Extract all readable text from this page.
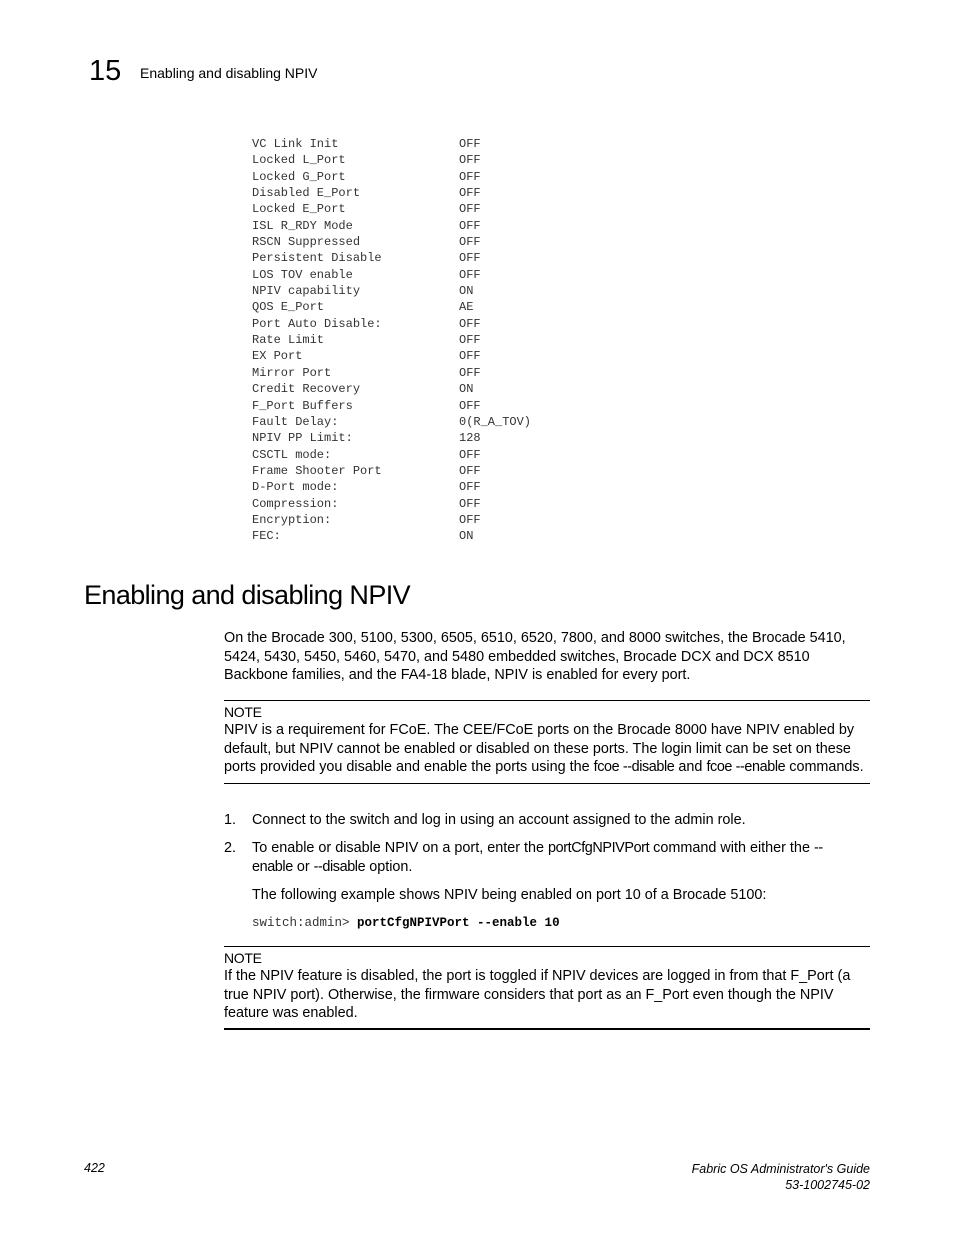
15 Enabling and disabling NPIV
VC Link Init	OFF
Locked L_Port	OFF
Locked G_Port	OFF
Disabled E_Port	OFF
Locked E_Port	OFF
ISL R_RDY Mode	OFF
RSCN Suppressed	OFF
Persistent Disable	OFF
LOS TOV enable	OFF
NPIV capability	ON
QOS E_Port	AE
Port Auto Disable:	OFF
Rate Limit	OFF
EX Port	OFF
Mirror Port	OFF
Credit Recovery	ON
F_Port Buffers	OFF
Fault Delay:	0(R_A_TOV)
NPIV PP Limit:	128
CSCTL mode:	OFF
Frame Shooter Port	OFF
D-Port mode:	OFF
Compression:	OFF
Encryption:	OFF
FEC:	ON
Enabling and disabling NPIV

On the Brocade 300, 5100, 5300, 6505, 6510, 6520, 7800, and 8000 switches, the Brocade 5410, 5424, 5430, 5450, 5460, 5470, and 5480 embedded switches, Brocade DCX and DCX 8510 Backbone families, and the FA4-18 blade, NPIV is enabled for every port.

NOTE

NPIV is a requirement for FCoE. The CEE/FCoE ports on the Brocade 8000 have NPIV enabled by default, but NPIV cannot be enabled or disabled on these ports. The login limit can be set on these ports provided you disable and enable the ports using the fcoe --disable and fcoe --enable commands.

1. Connect to the switch and log in using an account assigned to the admin role.
2. To enable or disable NPIV on a port, enter the portCfgNPIVPort command with either the --enable or --disable option.
The following example shows NPIV being enabled on port 10 of a Brocade 5100:
switch:admin> portCfgNPIVPort --enable 10
NOTE

If the NPIV feature is disabled, the port is toggled if NPIV devices are logged in from that F_Port (a true NPIV port). Otherwise, the firmware considers that port as an F_Port even though the NPIV feature was enabled.

422	Fabric OS Administrator's Guide
53-1002745-02
